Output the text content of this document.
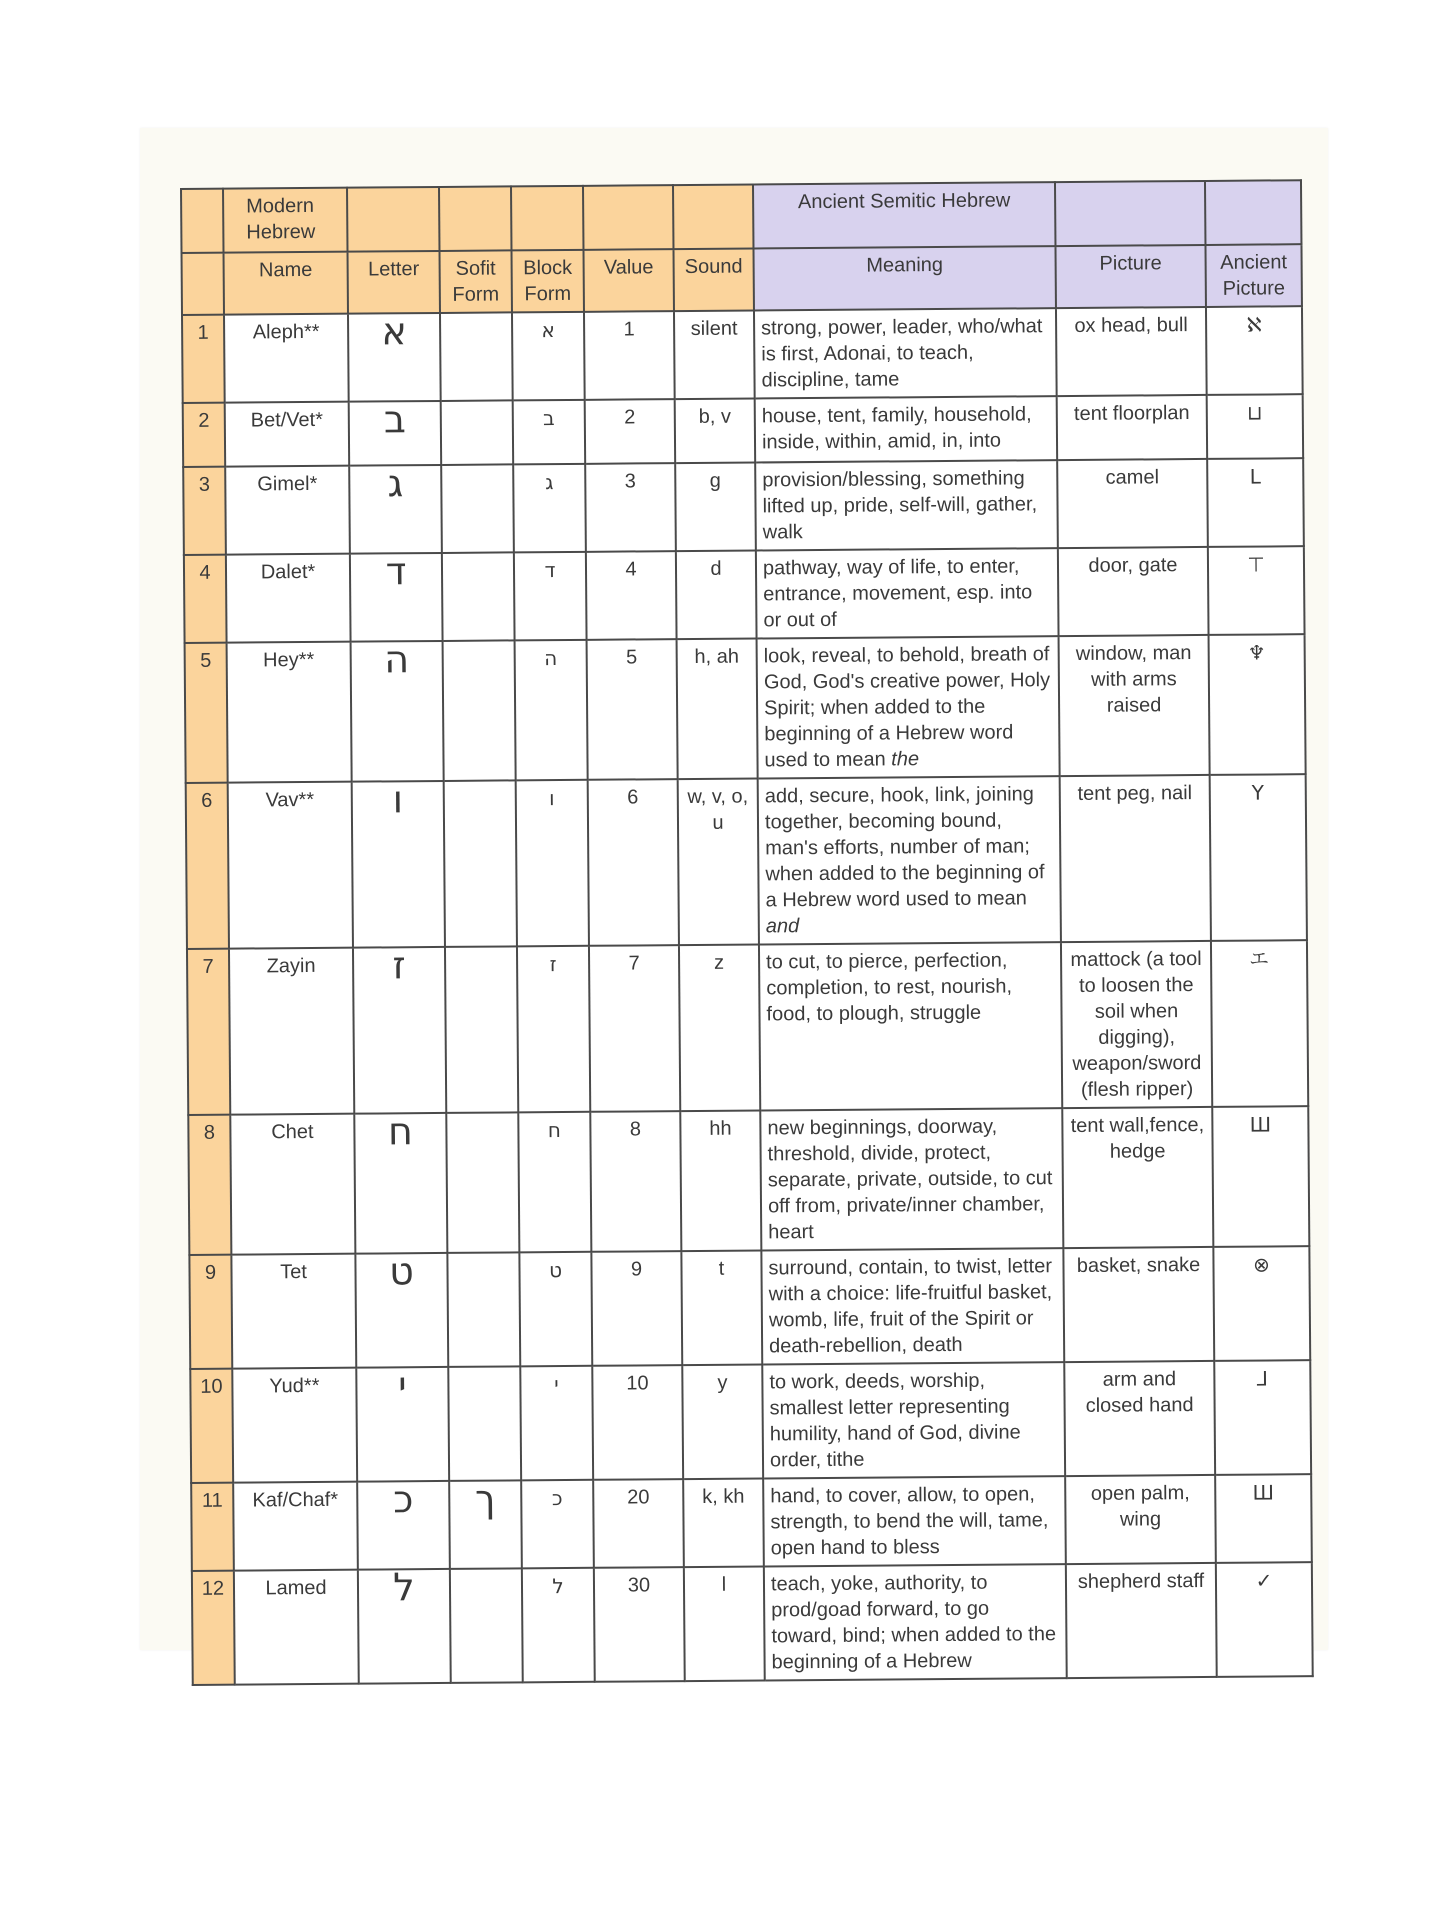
	Modern Hebrew						Ancient Semitic Hebrew		
	Name	Letter	Sofit Form	Block Form	Value	Sound	Meaning	Picture	Ancient Picture
1	Aleph**	א		א	1	silent	strong, power, leader, who/what is first, Adonai, to teach, discipline, tame	ox head, bull	ℵ
2	Bet/Vet*	ב		ב	2	b, v	house, tent, family, household, inside, within, amid, in, into	tent floorplan	⊔
3	Gimel*	ג		ג	3	g	provision/blessing, something lifted up, pride, self-will, gather, walk	camel	L
4	Dalet*	ד		ד	4	d	pathway, way of life, to enter, entrance, movement, esp. into or out of	door, gate	⊤
5	Hey**	ה		ה	5	h, ah	look, reveal, to behold, breath of God, God's creative power, Holy Spirit; when added to the beginning of a Hebrew word used to mean the	window, man with arms raised	♆
6	Vav**	ו		ו	6	w, v, o, u	add, secure, hook, link, joining together, becoming bound, man's efforts, number of man; when added to the beginning of a Hebrew word used to mean and	tent peg, nail	Y
7	Zayin	ז		ז	7	z	to cut, to pierce, perfection, completion, to rest, nourish, food, to plough, struggle	mattock (a tool to loosen the soil when digging), weapon/sword (flesh ripper)	エ
8	Chet	ח		ח	8	hh	new beginnings, doorway, threshold, divide, protect, separate, private, outside, to cut off from, private/inner chamber, heart	tent wall,fence, hedge	Ш
9	Tet	ט		ט	9	t	surround, contain, to twist, letter with a choice: life-fruitful basket, womb, life, fruit of the Spirit or death-rebellion, death	basket, snake	⊗
10	Yud**	י		י	10	y	to work, deeds, worship, smallest letter representing humility, hand of God, divine order, tithe	arm and closed hand	⅃
11	Kaf/Chaf*	כ	ך	כ	20	k, kh	hand, to cover, allow, to open, strength, to bend the will, tame, open hand to bless	open palm, wing	Ш
12	Lamed	ל		ל	30	l	teach, yoke, authority, to prod/goad forward, to go toward, bind; when added to the beginning of a Hebrew	shepherd staff	✓
